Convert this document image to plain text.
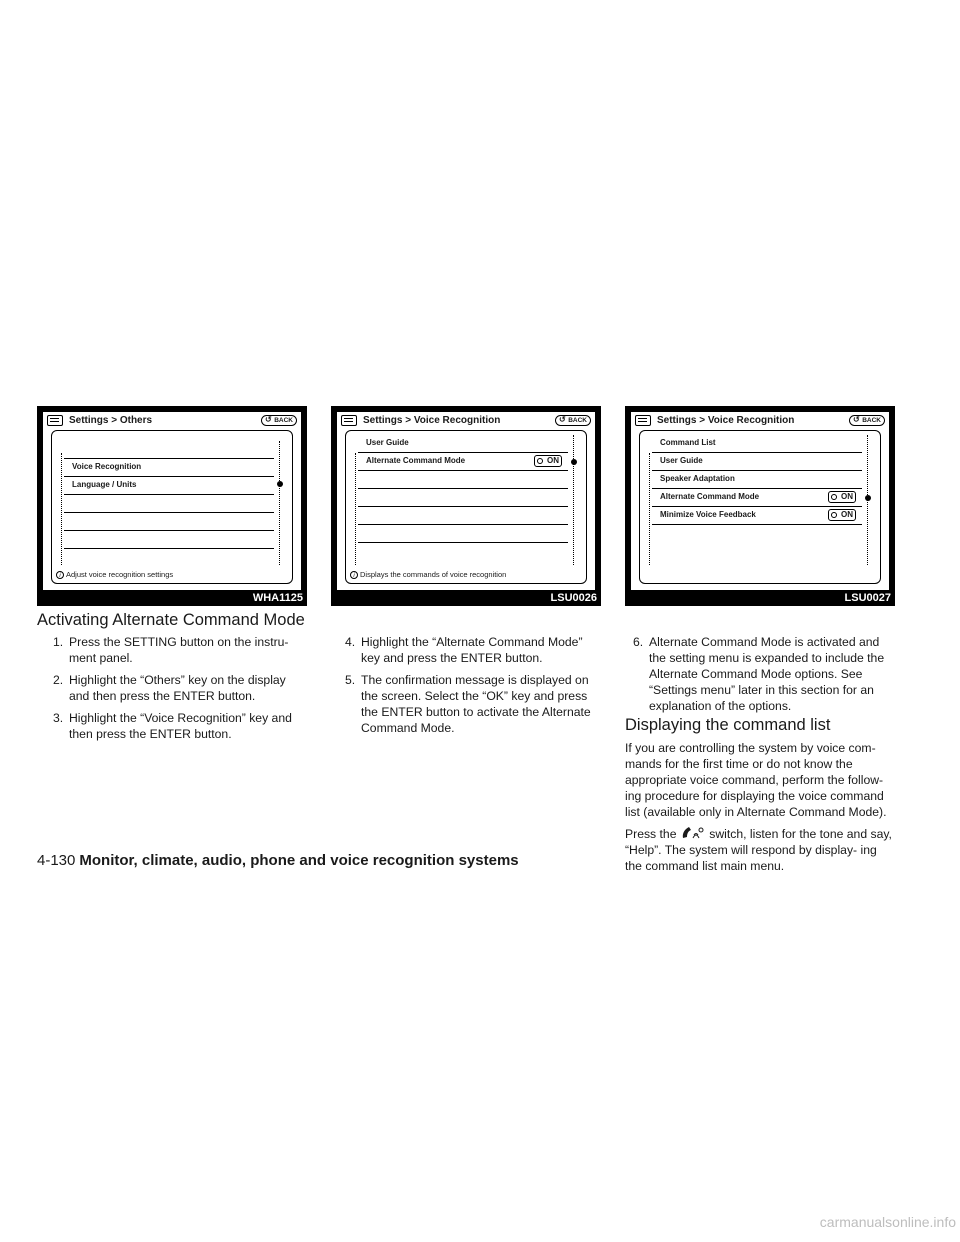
Settings > Others	↺ BACK
Voice Recognition
Language / Units
i Adjust voice recognition settings
WHA1125
Settings > Voice Recognition	↺ BACK
User Guide
Alternate Command Mode	ON
i Displays the commands of voice recognition
LSU0026
Settings > Voice Recognition	↺ BACK
Command List
User Guide
Speaker Adaptation
Alternate Command Mode	ON
Minimize Voice Feedback	ON
LSU0027
Activating Alternate Command Mode
1. Press the SETTING button on the instru- ment panel.
2. Highlight the “Others” key on the display and then press the ENTER button.
3. Highlight the “Voice Recognition” key and then press the ENTER button.
4. Highlight the “Alternate Command Mode” key and press the ENTER button.
5. The confirmation message is displayed on the screen. Select the “OK” key and press the ENTER button to activate the Alternate Command Mode.
6. Alternate Command Mode is activated and the setting menu is expanded to include the Alternate Command Mode options. See “Settings menu” later in this section for an explanation of the options.
Displaying the command list

If you are controlling the system by voice com- mands for the first time or do not know the appropriate voice command, perform the follow- ing procedure for displaying the voice command list (available only in Alternate Command Mode).

Press the	switch, listen for the tone and say, “Help”. The system will respond by display- ing the command list main menu.

4-130 Monitor, climate, audio, phone and voice recognition systems
carmanualsonline.info
